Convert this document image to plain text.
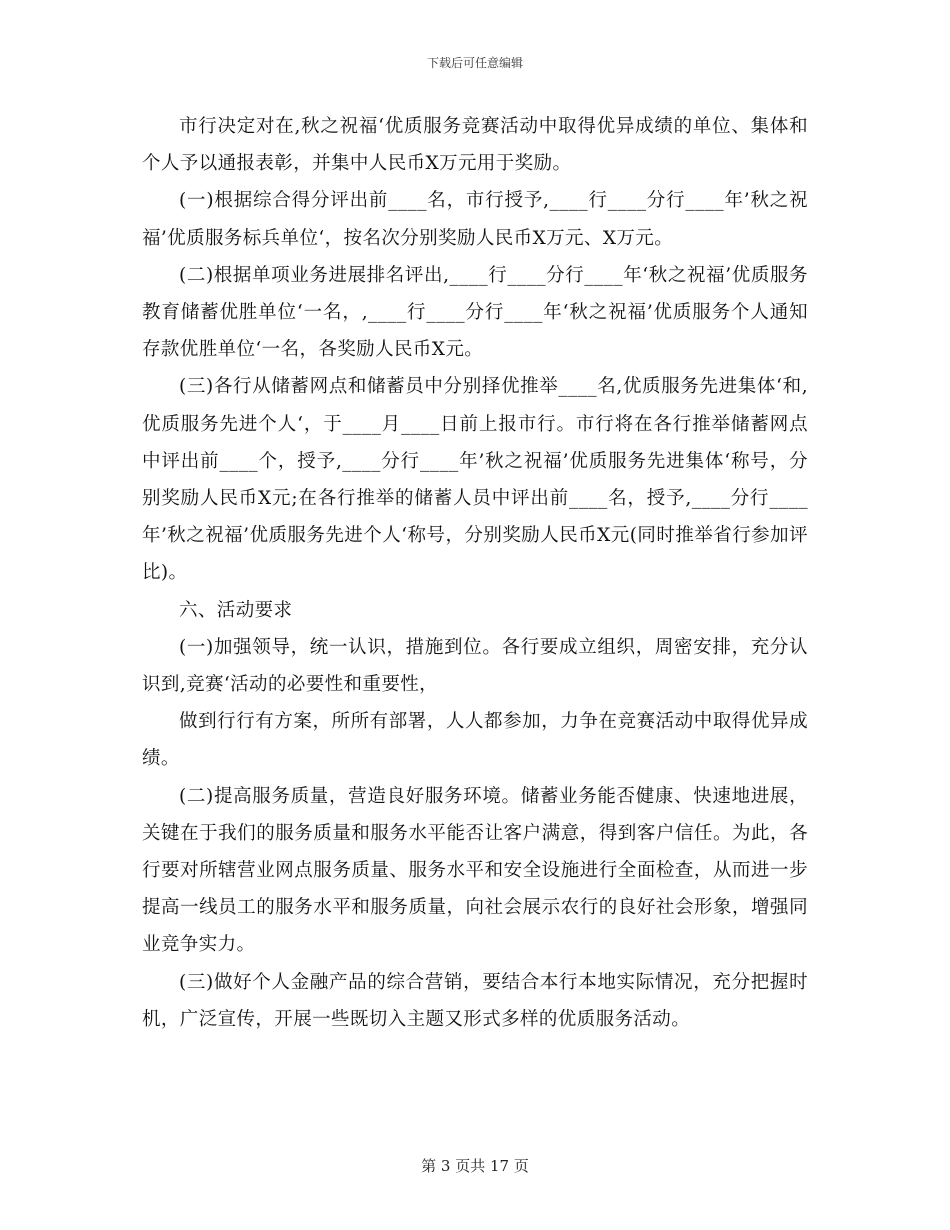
下载后可任意编辑

市行决定对在,秋之祝福‘优质服务竞赛活动中取得优异成绩的单位、集体和个人予以通报表彰，并集中人民币X万元用于奖励。

(一)根据综合得分评出前____名，市行授予,____行____分行____年’秋之祝福’优质服务标兵单位‘，按名次分别奖励人民币X万元、X万元。

(二)根据单项业务进展排名评出,____行____分行____年‘秋之祝福’优质服务教育储蓄优胜单位‘一名，,____行____分行____年‘秋之祝福’优质服务个人通知存款优胜单位‘一名，各奖励人民币X元。

(三)各行从储蓄网点和储蓄员中分别择优推举____名,优质服务先进集体‘和,优质服务先进个人‘，于____月____日前上报市行。市行将在各行推举储蓄网点中评出前____个，授予,____分行____年’秋之祝福’优质服务先进集体‘称号，分别奖励人民币X元;在各行推举的储蓄人员中评出前____名，授予,____分行____年’秋之祝福’优质服务先进个人‘称号，分别奖励人民币X元(同时推举省行参加评比)。

六、活动要求

(一)加强领导，统一认识，措施到位。各行要成立组织，周密安排，充分认识到,竞赛‘活动的必要性和重要性，

做到行行有方案，所所有部署，人人都参加，力争在竞赛活动中取得优异成绩。

(二)提高服务质量，营造良好服务环境。储蓄业务能否健康、快速地进展，关键在于我们的服务质量和服务水平能否让客户满意，得到客户信任。为此，各行要对所辖营业网点服务质量、服务水平和安全设施进行全面检查，从而进一步提高一线员工的服务水平和服务质量，向社会展示农行的良好社会形象，增强同业竞争实力。

(三)做好个人金融产品的综合营销，要结合本行本地实际情况，充分把握时机，广泛宣传，开展一些既切入主题又形式多样的优质服务活动。

第 3 页共 17 页
